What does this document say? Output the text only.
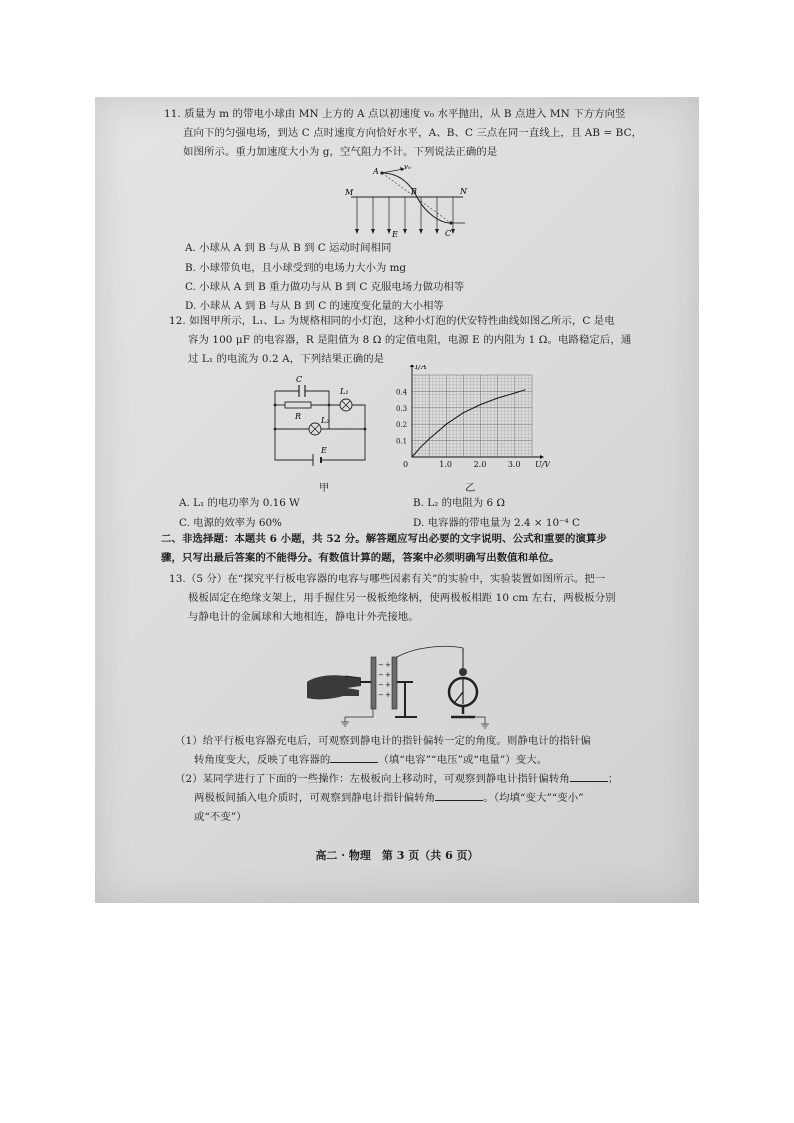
11. 质量为 m 的带电小球由 MN 上方的 A 点以初速度 v₀ 水平抛出，从 B 点进入 MN 下方方向竖
直向下的匀强电场，到达 C 点时速度方向恰好水平，A、B、C 三点在同一直线上，且 AB = BC，
如图所示。重力加速度大小为 g，空气阻力不计。下列说法正确的是
A	v₀
M	B	N
E	C
A. 小球从 A 到 B 与从 B 到 C 运动时间相同
B. 小球带负电，且小球受到的电场力大小为 mg
C. 小球从 A 到 B 重力做功与从 B 到 C 克服电场力做功相等
D. 小球从 A 到 B 与从 B 到 C 的速度变化量的大小相等
12. 如图甲所示，L₁、L₂ 为规格相同的小灯泡，这种小灯泡的伏安特性曲线如图乙所示，C 是电
容为 100 μF 的电容器，R 是阻值为 8 Ω 的定值电阻，电源 E 的内阻为 1 Ω。电路稳定后，通
过 L₁ 的电流为 0.2 A，下列结果正确的是
C
L₁
R L₂
E
甲
1.0	2.0	3.0
0.1
0.2
0.3
0.4
0	U/V
I/A
乙
A. L₁ 的电功率为 0.16 W	B. L₂ 的电阻为 6 Ω
C. 电源的效率为 60%	D. 电容器的带电量为 2.4 × 10⁻⁴ C
二、非选择题：本题共 6 小题，共 52 分。解答题应写出必要的文字说明、公式和重要的演算步
骤，只写出最后答案的不能得分。有数值计算的题，答案中必须明确写出数值和单位。
13.（5 分）在“探究平行板电容器的电容与哪些因素有关”的实验中，实验装置如图所示。把一
极板固定在绝缘支架上，用手握住另一极板绝缘柄，使两极板相距 10 cm 左右，两极板分别
与静电计的金属球和大地相连，静电计外壳接地。
−
−
−
−
+
+
+
+
（1）给平行板电容器充电后，可观察到静电计的指针偏转一定的角度。则静电计的指针偏
转角度变大，反映了电容器的	（填“电容”“电压”或“电量”）变大。
（2）某同学进行了下面的一些操作：左极板向上移动时，可观察到静电计指针偏转角	；
两极板间插入电介质时，可观察到静电计指针偏转角	。（均填“变大”“变小”
或“不变”）
高二 · 物理　第 3 页（共 6 页）
